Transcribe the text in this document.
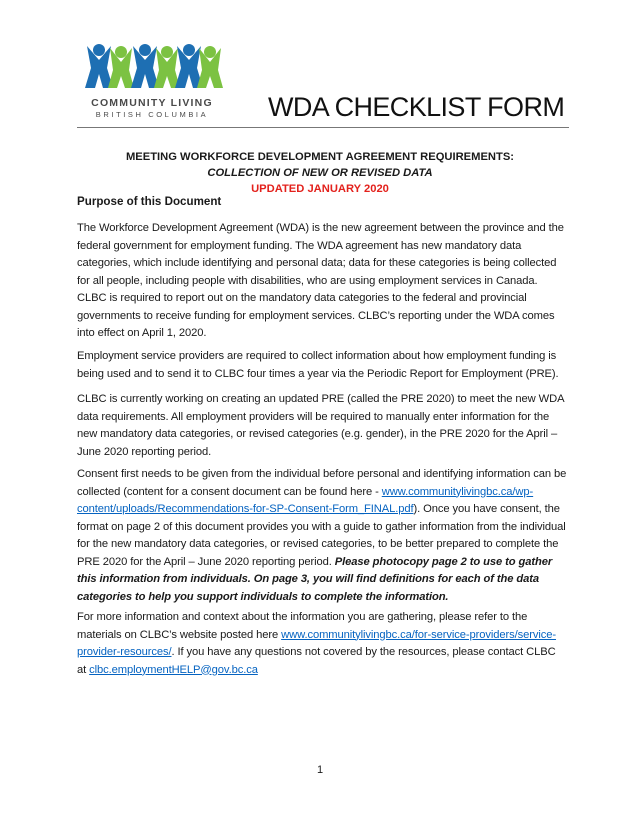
COMMUNITY LIVING
BRITISH COLUMBIA	WDA CHECKLIST FORM
MEETING WORKFORCE DEVELOPMENT AGREEMENT REQUIREMENTS:
COLLECTION OF NEW OR REVISED DATA
UPDATED JANUARY 2020
Purpose of this Document
The Workforce Development Agreement (WDA) is the new agreement between the province and the federal government for employment funding. The WDA agreement has new mandatory data categories, which include identifying and personal data; data for these categories is being collected for all people, including people with disabilities, who are using employment services in Canada. CLBC is required to report out on the mandatory data categories to the federal and provincial governments to receive funding for employment services. CLBC’s reporting under the WDA comes into effect on April 1, 2020.
Employment service providers are required to collect information about how employment funding is being used and to send it to CLBC four times a year via the Periodic Report for Employment (PRE).
CLBC is currently working on creating an updated PRE (called the PRE 2020) to meet the new WDA data requirements. All employment providers will be required to manually enter information for the new mandatory data categories, or revised categories (e.g. gender), in the PRE 2020 for the April – June 2020 reporting period.
Consent first needs to be given from the individual before personal and identifying information can be collected (content for a consent document can be found here - www.communitylivingbc.ca/wp-content/uploads/Recommendations-for-SP-Consent-Form_FINAL.pdf). Once you have consent, the format on page 2 of this document provides you with a guide to gather information from the individual for the new mandatory data categories, or revised categories, to be better prepared to complete the PRE 2020 for the April – June 2020 reporting period. Please photocopy page 2 to use to gather this information from individuals. On page 3, you will find definitions for each of the data categories to help you support individuals to complete the information.
For more information and context about the information you are gathering, please refer to the materials on CLBC’s website posted here www.communitylivingbc.ca/for-service-providers/service-provider-resources/. If you have any questions not covered by the resources, please contact CLBC at clbc.employmentHELP@gov.bc.ca
1
